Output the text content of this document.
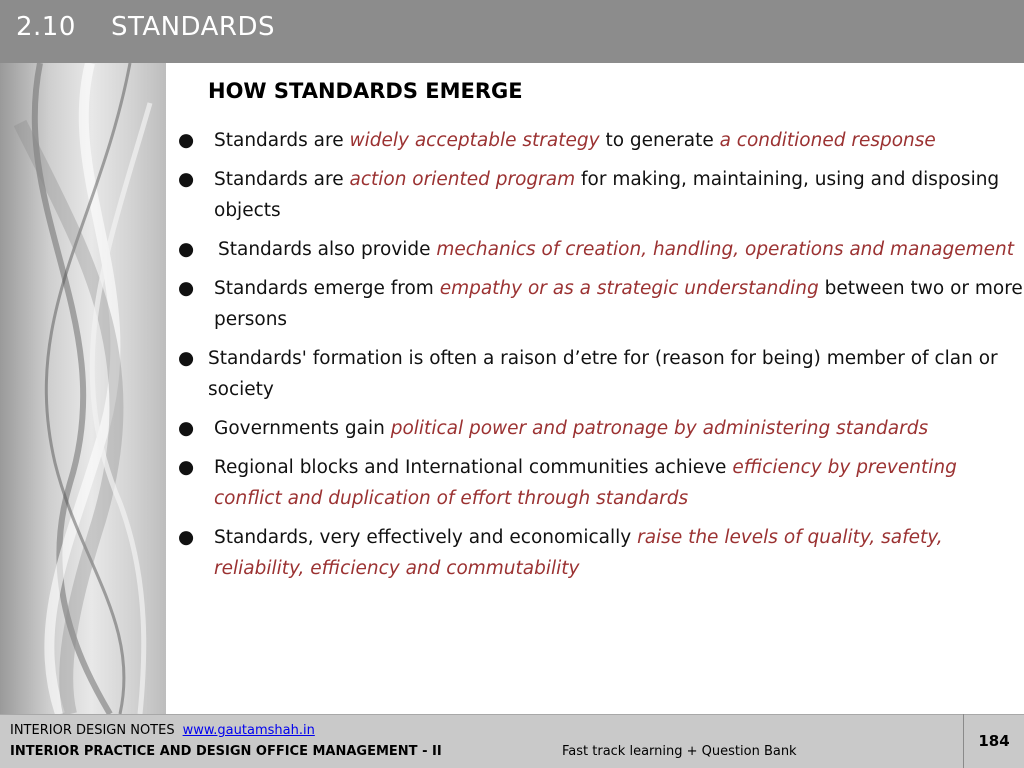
2.10    STANDARDS
HOW STANDARDS EMERGE
●	Standards are widely acceptable strategy to generate a conditioned response
●	Standards are action oriented program for making, maintaining, using and disposing objects
●	Standards also provide mechanics of creation, handling, operations and management
●	Standards emerge from empathy or as a strategic understanding between two or more persons
● Standards' formation is often a raison d’etre for (reason for being) member of clan or society
●	Governments gain political power and patronage by administering standards
●	Regional blocks and International communities achieve efficiency by preventing conflict and duplication of effort through standards
●	Standards, very effectively and economically raise the levels of quality, safety, reliability, efficiency and commutability
INTERIOR DESIGN NOTES www.gautamshah.in
INTERIOR PRACTICE AND DESIGN OFFICE MANAGEMENT - II	Fast track learning + Question Bank
184
